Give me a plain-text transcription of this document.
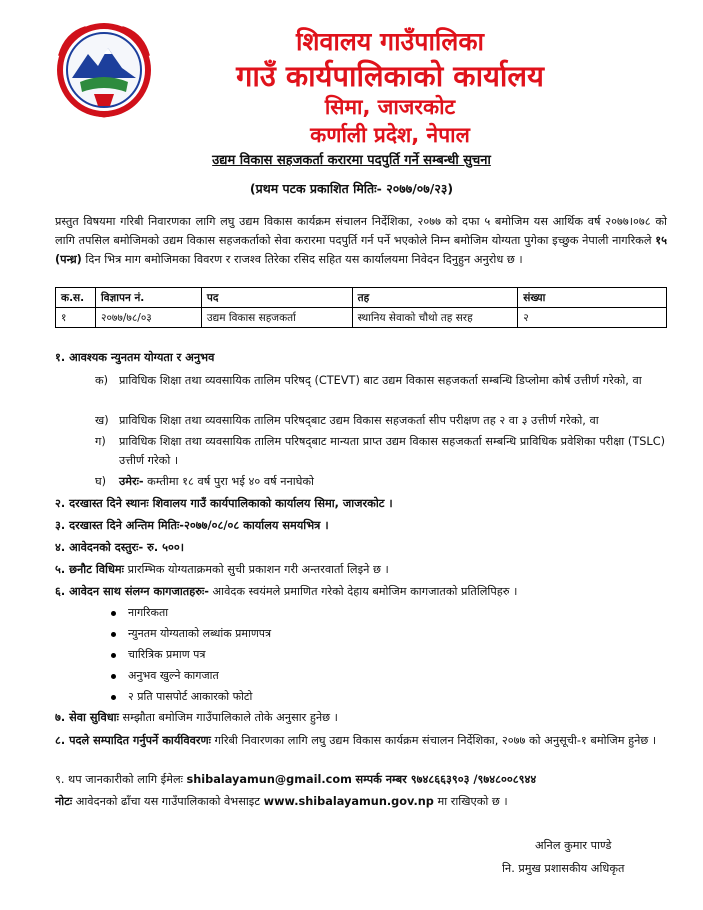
शिवालय गाउँपालिका
गाउँ कार्यपालिकाको कार्यालय
सिमा, जाजरकोट
कर्णाली प्रदेश, नेपाल
उद्यम विकास सहजकर्ता करारमा पदपुर्ति गर्ने सम्बन्धी सुचना
(प्रथम पटक प्रकाशित मितिः- २०७७/०७/२३)
प्रस्तुत विषयमा गरिबी निवारणका लागि लघु उद्यम विकास कार्यक्रम संचालन निर्देशिका, २०७७ को दफा ५ बमोजिम यस आर्थिक वर्ष २०७७।०७८ को लागि तपसिल बमोजिमको उद्यम विकास सहजकर्ताको सेवा करारमा पदपुर्ति गर्न पर्ने भएकोले निम्न बमोजिम योग्यता पुगेका इच्छुक नेपाली नागरिकले १५ (पन्ध्र) दिन भित्र माग बमोजिमका विवरण र राजश्व तिरेका रसिद सहित यस कार्यालयमा निवेदन दिनुहुन अनुरोध छ ।
क.स.	विज्ञापन नं.	पद	तह	संख्या
१	२०७७/७८/०३	उद्यम विकास सहजकर्ता	स्थानिय सेवाको चौथो तह सरह	२
१. आवश्यक न्युनतम योग्यता र अनुभव
क) प्राविधिक शिक्षा तथा व्यवसायिक तालिम परिषद् (CTEVT) बाट उद्यम विकास सहजकर्ता सम्बन्धि डिप्लोमा कोर्ष उत्तीर्ण गरेको, वा
ख) प्राविधिक शिक्षा तथा व्यवसायिक तालिम परिषद्‌बाट उद्यम विकास सहजकर्ता सीप परीक्षण तह २ वा ३ उत्तीर्ण गरेको, वा
ग)	प्राविधिक शिक्षा तथा व्यवसायिक तालिम परिषद्‌बाट मान्यता प्राप्त उद्यम विकास सहजकर्ता सम्बन्धि प्राविधिक प्रवेशिका परीक्षा (TSLC) उत्तीर्ण गरेको ।
घ)	उमेरः- कम्तीमा १८ वर्ष पुरा भई ४० वर्ष ननाघेको
२. दरखास्त दिने स्थानः शिवालय गाउँ कार्यपालिकाको कार्यालय सिमा, जाजरकोट ।
३. दरखास्त दिने अन्तिम मितिः-२०७७/०८/०८ कार्यालय समयभित्र ।
४. आवेदनको दस्तुरः- रु. ५००।
५. छनौट विधिमः प्रारम्भिक योग्यताक्रमको सुची प्रकाशन गरी अन्तरवार्ता लिइने छ ।
६. आवेदन साथ संलग्न कागजातहरुः- आवेदक स्वयंमले प्रमाणित गरेको देहाय बमोजिम कागजातको प्रतिलिपिहरु ।
नागरिकता
न्युनतम योग्यताको लब्धांक प्रमाणपत्र
चारित्रिक प्रमाण पत्र
अनुभव खुल्ने कागजात
२ प्रति पासपोर्ट आकारको फोटो
७. सेवा सुविधाः सम्झौता बमोजिम गाउँपालिकाले तोके अनुसार हुनेछ ।
८. पदले सम्पादित गर्नुपर्ने कार्यविवरणः गरिबी निवारणका लागि लघु उद्यम विकास कार्यक्रम संचालन निर्देशिका, २०७७ को अनुसूची-१ बमोजिम हुनेछ ।
९. थप जानकारीको लागि ईमेलः shibalayamun@gmail.com सम्पर्क नम्बर ९७४८६६३९०३ /९७४८००८९४४
नोटः आवेदनको ढाँचा यस गाउँपालिकाको वेभसाइट www.shibalayamun.gov.np मा राखिएको छ ।
अनिल कुमार पाण्डे
नि. प्रमुख प्रशासकीय अधिकृत
